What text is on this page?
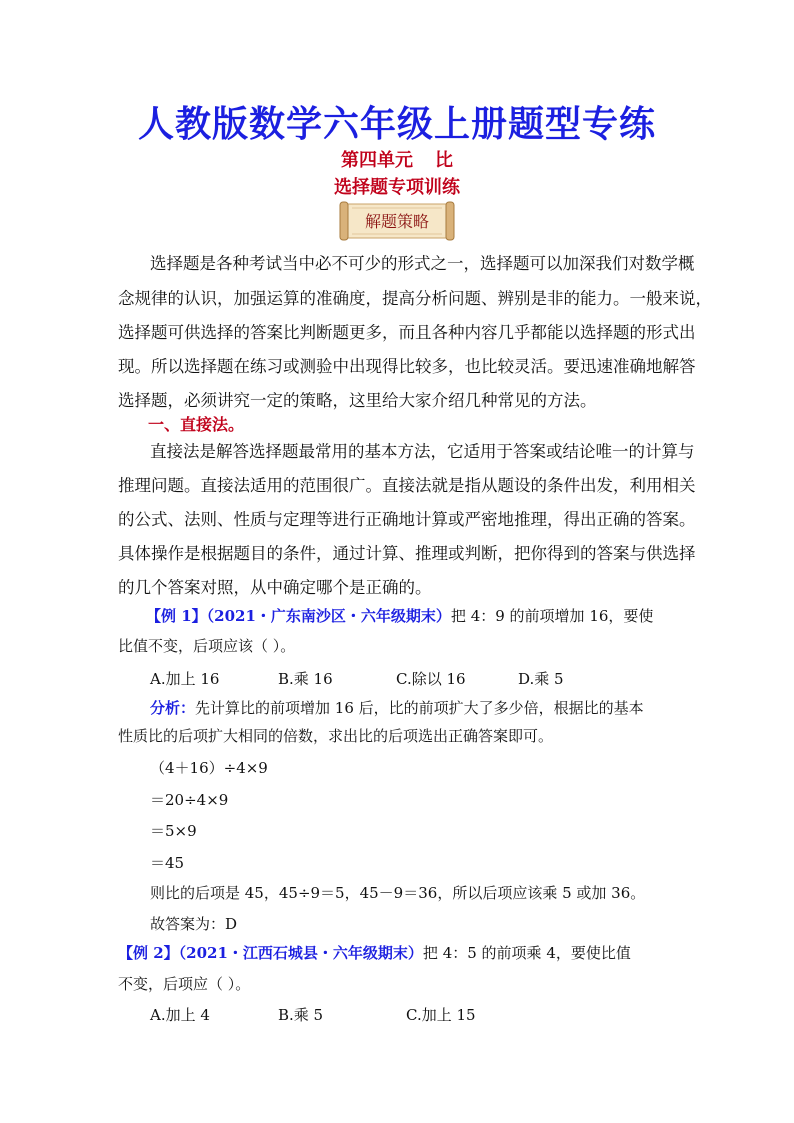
人教版数学六年级上册题型专练
第四单元 比
选择题专项训练
解题策略
选择题是各种考试当中必不可少的形式之一，选择题可以加深我们对数学概
念规律的认识，加强运算的准确度，提高分析问题、辨别是非的能力。一般来说，
选择题可供选择的答案比判断题更多，而且各种内容几乎都能以选择题的形式出
现。所以选择题在练习或测验中出现得比较多，也比较灵活。要迅速准确地解答
选择题，必须讲究一定的策略，这里给大家介绍几种常见的方法。
一、直接法。
直接法是解答选择题最常用的基本方法，它适用于答案或结论唯一的计算与
推理问题。直接法适用的范围很广。直接法就是指从题设的条件出发，利用相关
的公式、法则、性质与定理等进行正确地计算或严密地推理，得出正确的答案。
具体操作是根据题目的条件，通过计算、推理或判断，把你得到的答案与供选择
的几个答案对照，从中确定哪个是正确的。
【例 1】（2021・广东南沙区・六年级期末）把 4：9 的前项增加 16，要使
比值不变，后项应该（ ）。
A.加上 16	B.乘 16	C.除以 16	D.乘 5
分析：先计算比的前项增加 16 后，比的前项扩大了多少倍，根据比的基本
性质比的后项扩大相同的倍数，求出比的后项选出正确答案即可。
（4＋16）÷4×9
＝20÷4×9
＝5×9
＝45
则比的后项是 45，45÷9＝5，45－9＝36，所以后项应该乘 5 或加 36。
故答案为：D
【例 2】（2021・江西石城县・六年级期末）把 4：5 的前项乘 4，要使比值
不变，后项应（ ）。
A.加上 4	B.乘 5	C.加上 15
